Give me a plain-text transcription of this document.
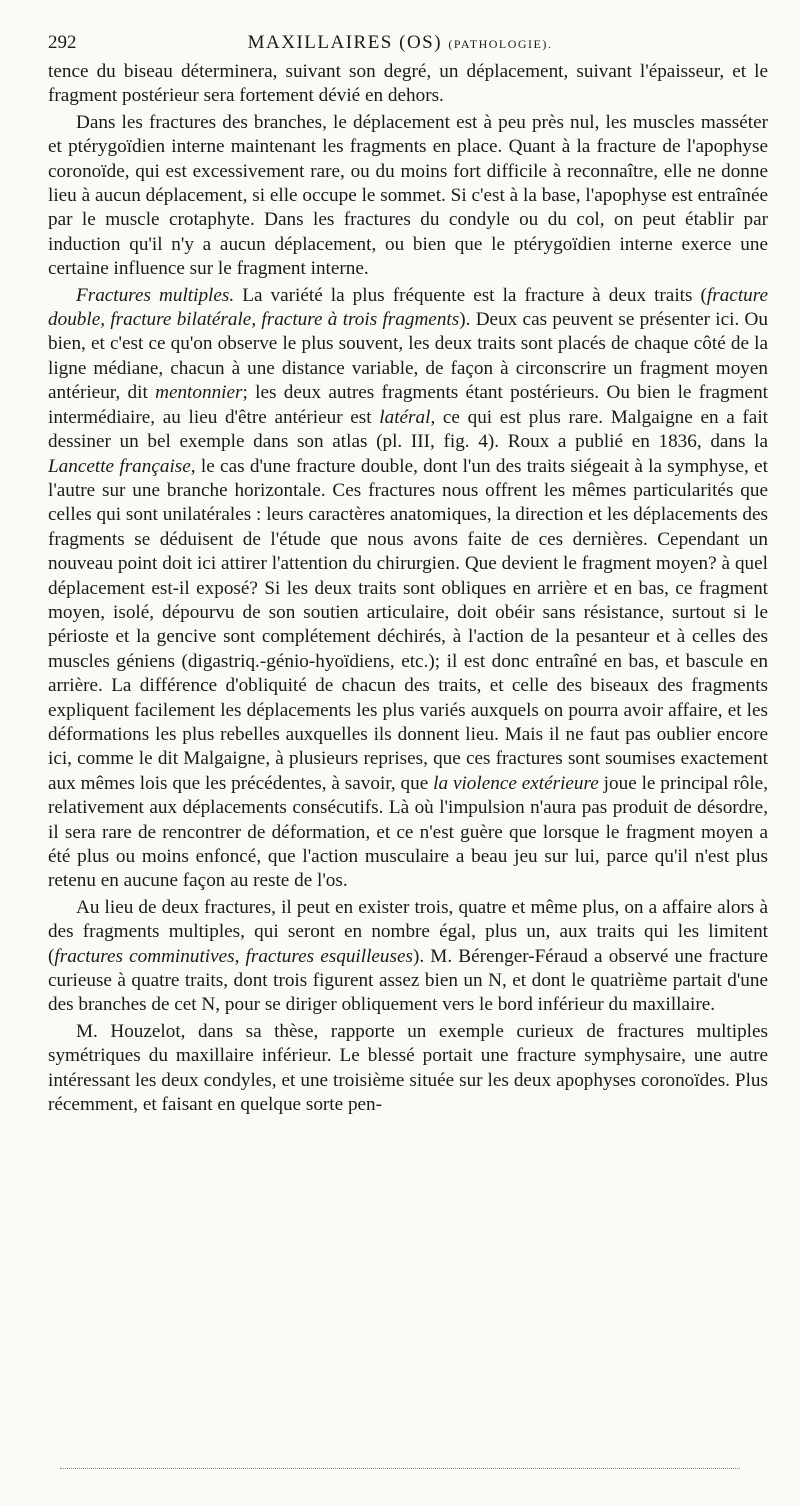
292	MAXILLAIRES (OS) (PATHOLOGIE).

tence du biseau déterminera, suivant son degré, un déplacement, suivant l'épaisseur, et le fragment postérieur sera fortement dévié en dehors.

Dans les fractures des branches, le déplacement est à peu près nul, les muscles masséter et ptérygoïdien interne maintenant les fragments en place. Quant à la fracture de l'apophyse coronoïde, qui est excessivement rare, ou du moins fort difficile à reconnaître, elle ne donne lieu à aucun déplacement, si elle occupe le sommet. Si c'est à la base, l'apophyse est entraînée par le muscle crotaphyte. Dans les fractures du condyle ou du col, on peut établir par induction qu'il n'y a aucun déplacement, ou bien que le ptérygoïdien interne exerce une certaine influence sur le fragment interne.

Fractures multiples. La variété la plus fréquente est la fracture à deux traits (fracture double, fracture bilatérale, fracture à trois fragments). Deux cas peuvent se présenter ici. Ou bien, et c'est ce qu'on observe le plus souvent, les deux traits sont placés de chaque côté de la ligne médiane, chacun à une distance variable, de façon à circonscrire un fragment moyen antérieur, dit mentonnier; les deux autres fragments étant postérieurs. Ou bien le fragment intermédiaire, au lieu d'être antérieur est latéral, ce qui est plus rare. Malgaigne en a fait dessiner un bel exemple dans son atlas (pl. III, fig. 4). Roux a publié en 1836, dans la Lancette française, le cas d'une fracture double, dont l'un des traits siégeait à la symphyse, et l'autre sur une branche horizontale. Ces fractures nous offrent les mêmes particularités que celles qui sont unilatérales : leurs caractères anatomiques, la direction et les déplacements des fragments se déduisent de l'étude que nous avons faite de ces dernières. Cependant un nouveau point doit ici attirer l'attention du chirurgien. Que devient le fragment moyen? à quel déplacement est-il exposé? Si les deux traits sont obliques en arrière et en bas, ce fragment moyen, isolé, dépourvu de son soutien articulaire, doit obéir sans résistance, surtout si le périoste et la gencive sont complétement déchirés, à l'action de la pesanteur et à celles des muscles géniens (digastriq.-génio-hyoïdiens, etc.); il est donc entraîné en bas, et bascule en arrière. La différence d'obliquité de chacun des traits, et celle des biseaux des fragments expliquent facilement les déplacements les plus variés auxquels on pourra avoir affaire, et les déformations les plus rebelles auxquelles ils donnent lieu. Mais il ne faut pas oublier encore ici, comme le dit Malgaigne, à plusieurs reprises, que ces fractures sont soumises exactement aux mêmes lois que les précédentes, à savoir, que la violence extérieure joue le principal rôle, relativement aux déplacements consécutifs. Là où l'impulsion n'aura pas produit de désordre, il sera rare de rencontrer de déformation, et ce n'est guère que lorsque le fragment moyen a été plus ou moins enfoncé, que l'action musculaire a beau jeu sur lui, parce qu'il n'est plus retenu en aucune façon au reste de l'os.

Au lieu de deux fractures, il peut en exister trois, quatre et même plus, on a affaire alors à des fragments multiples, qui seront en nombre égal, plus un, aux traits qui les limitent (fractures comminutives, fractures esquilleuses). M. Bérenger-Féraud a observé une fracture curieuse à quatre traits, dont trois figurent assez bien un N, et dont le quatrième partait d'une des branches de cet N, pour se diriger obliquement vers le bord inférieur du maxillaire.

M. Houzelot, dans sa thèse, rapporte un exemple curieux de fractures multiples symétriques du maxillaire inférieur. Le blessé portait une fracture symphysaire, une autre intéressant les deux condyles, et une troisième située sur les deux apophyses coronoïdes. Plus récemment, et faisant en quelque sorte pen-
